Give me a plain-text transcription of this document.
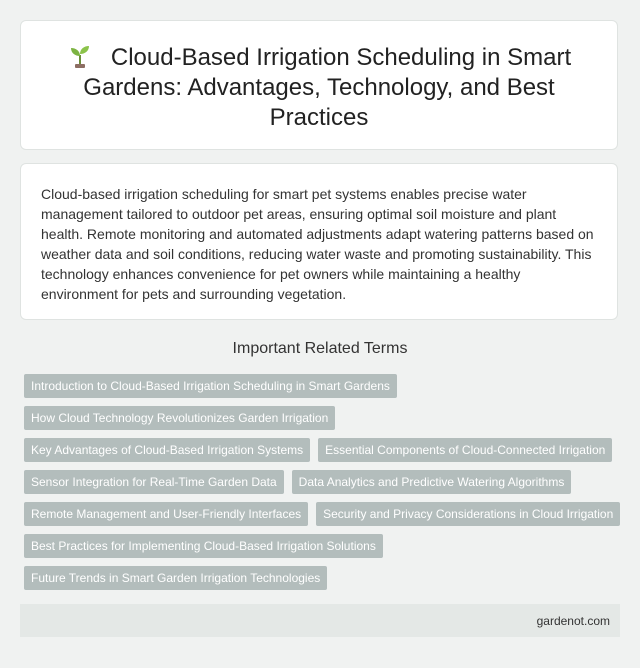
Cloud-Based Irrigation Scheduling in Smart Gardens: Advantages, Technology, and Best Practices

Cloud-based irrigation scheduling for smart pet systems enables precise water management tailored to outdoor pet areas, ensuring optimal soil moisture and plant health. Remote monitoring and automated adjustments adapt watering patterns based on weather data and soil conditions, reducing water waste and promoting sustainability. This technology enhances convenience for pet owners while maintaining a healthy environment for pets and surrounding vegetation.

Important Related Terms

Introduction to Cloud-Based Irrigation Scheduling in Smart Gardens
How Cloud Technology Revolutionizes Garden Irrigation
Key Advantages of Cloud-Based Irrigation Systems	Essential Components of Cloud-Connected Irrigation
Sensor Integration for Real-Time Garden Data	Data Analytics and Predictive Watering Algorithms
Remote Management and User-Friendly Interfaces	Security and Privacy Considerations in Cloud Irrigation
Best Practices for Implementing Cloud-Based Irrigation Solutions
Future Trends in Smart Garden Irrigation Technologies
gardenot.com
